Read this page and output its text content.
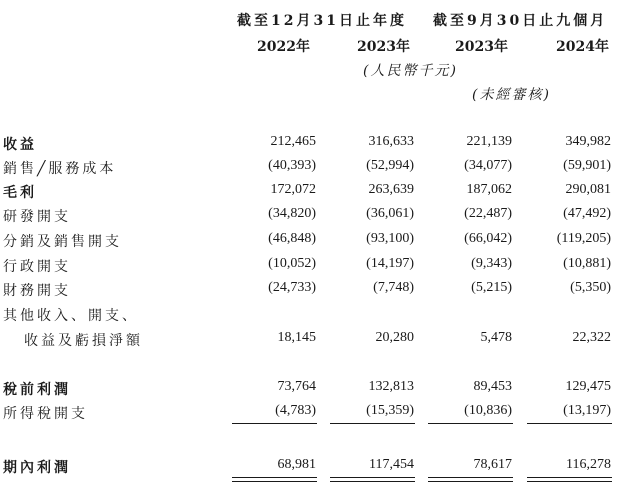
截至12月31日止年度 截至9月30日止九個月
2022年	2023年	2023年	2024年
(人民幣千元)
(未經審核)
收益	212,465	316,633	221,139	349,982
銷售╱服務成本	(40,393)	(52,994)	(34,077)	(59,901)
毛利	172,072	263,639	187,062	290,081
研發開支	(34,820)	(36,061)	(22,487)	(47,492)
分銷及銷售開支	(46,848)	(93,100)	(66,042)	(119,205)
行政開支	(10,052)	(14,197)	(9,343)	(10,881)
財務開支	(24,733)	(7,748)	(5,215)	(5,350)
其他收入、開支、
收益及虧損淨額	18,145	20,280	5,478	22,322
稅前利潤	73,764	132,813	89,453	129,475
所得稅開支	(4,783)	(15,359)	(10,836)	(13,197)
期內利潤	68,981	117,454	78,617	116,278
